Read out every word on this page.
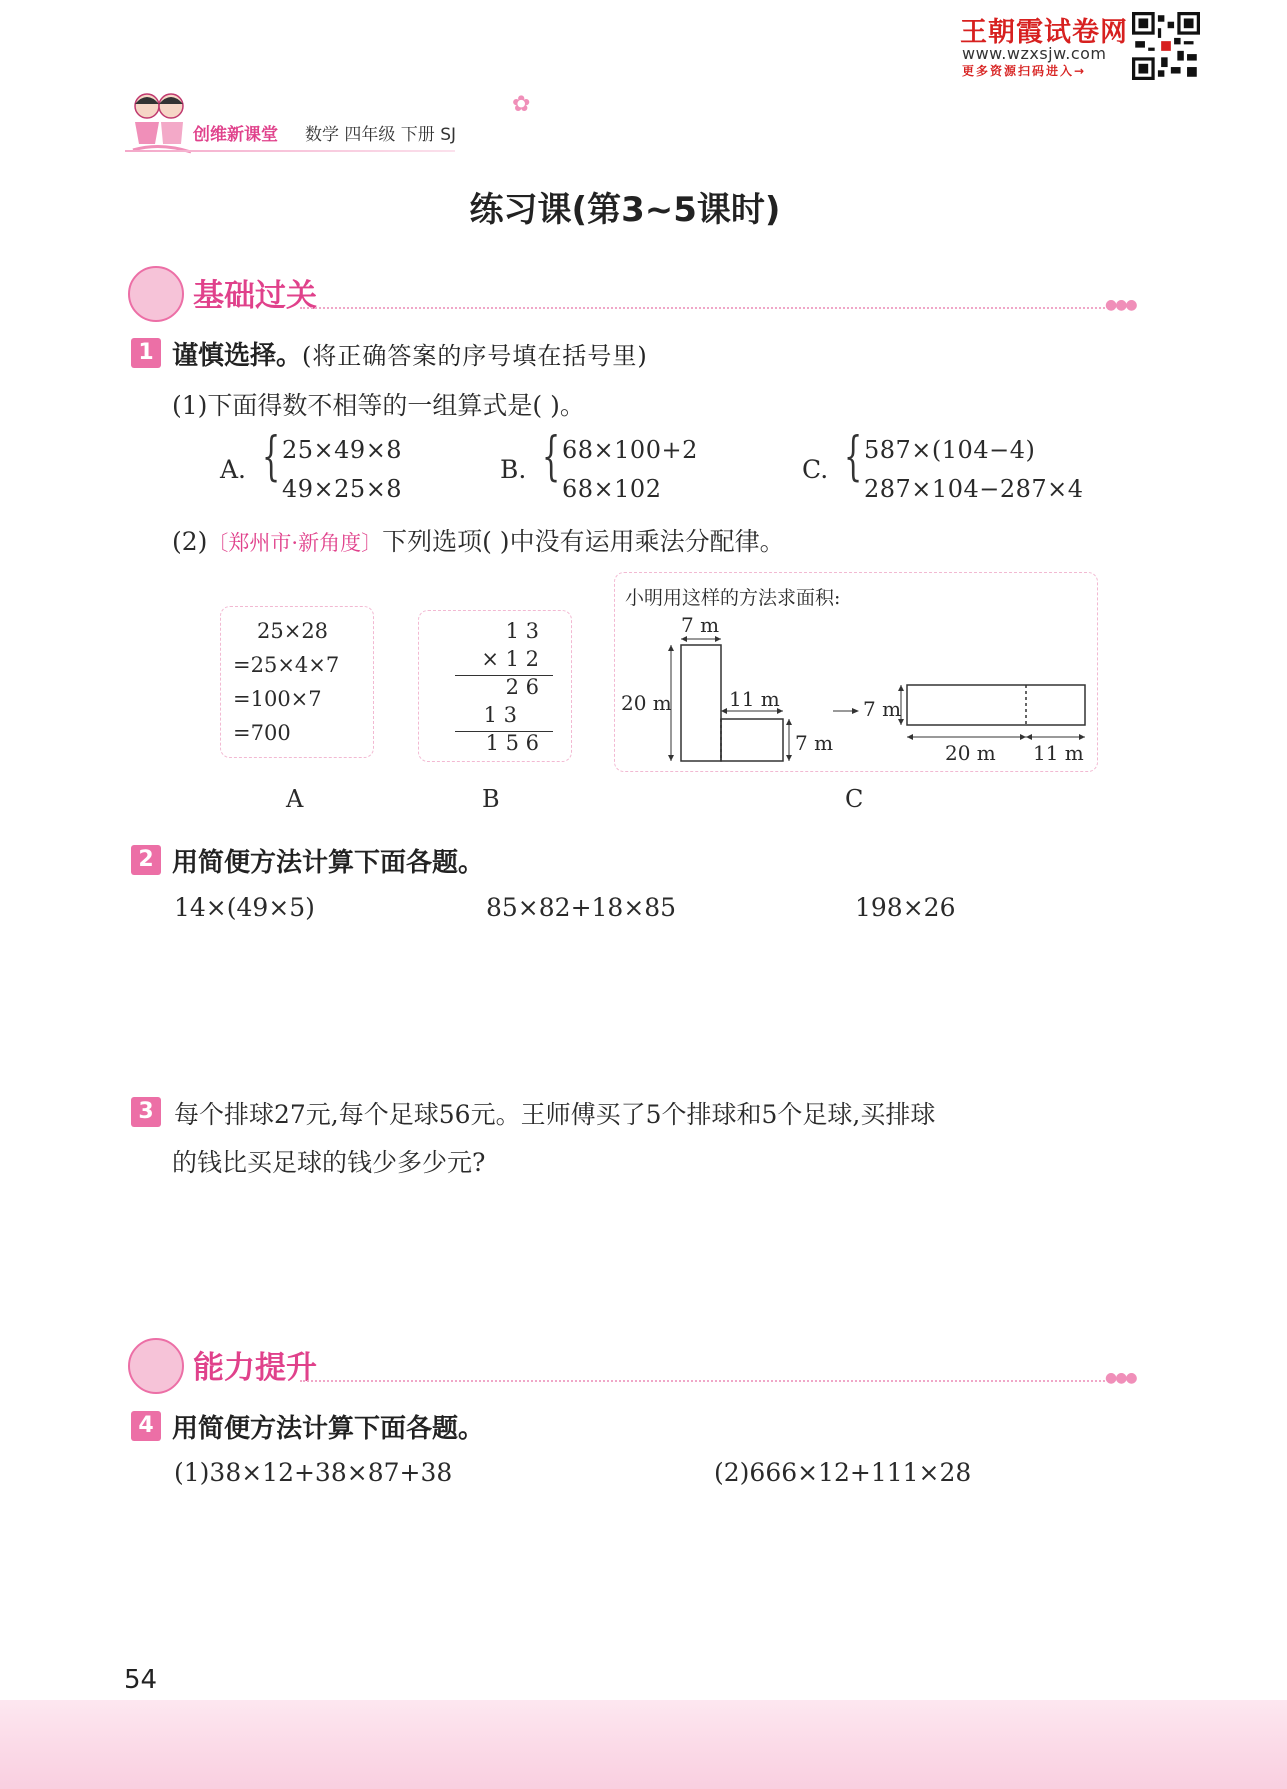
王朝霞试卷网
www.wzxsjw.com
更多资源扫码进入→
创维新课堂 数学 四年级 下册 SJ
✿
练习课(第3~5课时)
基础过关	●●●
1 谨慎选择。(将正确答案的序号填在括号里)
(1)下面得数不相等的一组算式是( )。
A. { 25×49×8
49×25×8
B. { 68×100+2
68×102
C. { 587×(104−4)
287×104−287×4
(2)〔郑州市·新角度〕下列选项( )中没有运用乘法分配律。
25×28
=25×4×7
=100×7
=700
1 3
× 1 2
2 6
1 3
1 5 6
小明用这样的方法求面积:
7 m
20 m	11 m
7 m
7 m
20 m 11 m
A	B	C
2 用简便方法计算下面各题。
14×(49×5)	85×82+18×85	198×26
3 每个排球27元,每个足球56元。王师傅买了5个排球和5个足球,买排球
的钱比买足球的钱少多少元?
能力提升	●●●
4 用简便方法计算下面各题。
(1)38×12+38×87+38	(2)666×12+111×28
54
